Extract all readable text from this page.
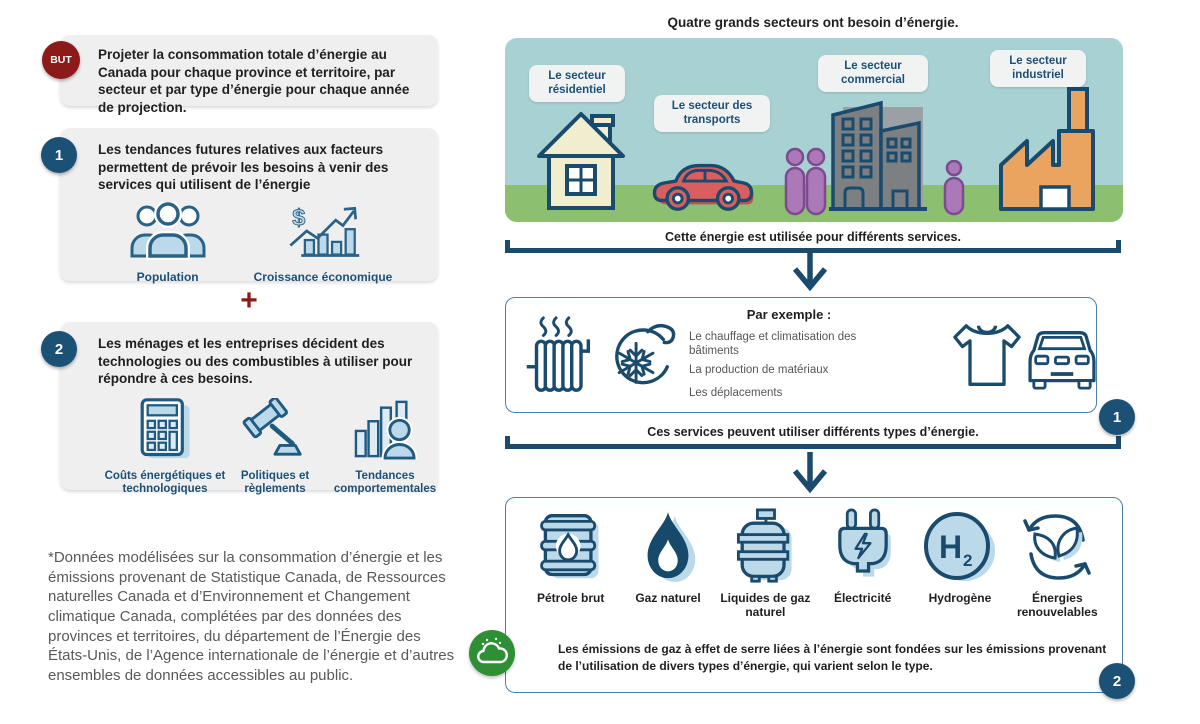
Projeter la consommation totale d’énergie au Canada pour chaque province et territoire, par secteur et par type d’énergie pour chaque année de projection.
BUT
Les tendances futures relatives aux facteurs permettent de prévoir les besoins à venir des services qui utilisent de l’énergie
Population
$
Croissance économique
1
+
Les ménages et les entreprises décident des technologies ou des combustibles à utiliser pour répondre à ces besoins.
Coûts énergétiques et technologiques
Politiques et règlements
Tendances comportementales
2
*Données modélisées sur la consommation d’énergie et les émissions provenant de Statistique Canada, de Ressources naturelles Canada et d’Environnement et Changement climatique Canada, complétées par des données des provinces et territoires, du département de l’Énergie des États-Unis, de l’Agence internationale de l’énergie et d’autres ensembles de données accessibles au public.
Quatre grands secteurs ont besoin d’énergie.
Le secteur résidentiel
Le secteur des transports
Le secteur commercial
Le secteur industriel
Cette énergie est utilisée pour différents services.
Par exemple :
Le chauffage et climatisation des bâtiments
La production de matériaux
Les déplacements
1
Ces services peuvent utiliser différents types d’énergie.
Pétrole brut	Gaz naturel	Liquides de gaz naturel
Électricité
H 2
Hydrogène	Énergies renouvelables
Les émissions de gaz à effet de serre liées à l’énergie sont fondées sur les émissions provenant de l’utilisation de divers types d’énergie, qui varient selon le type.
2
